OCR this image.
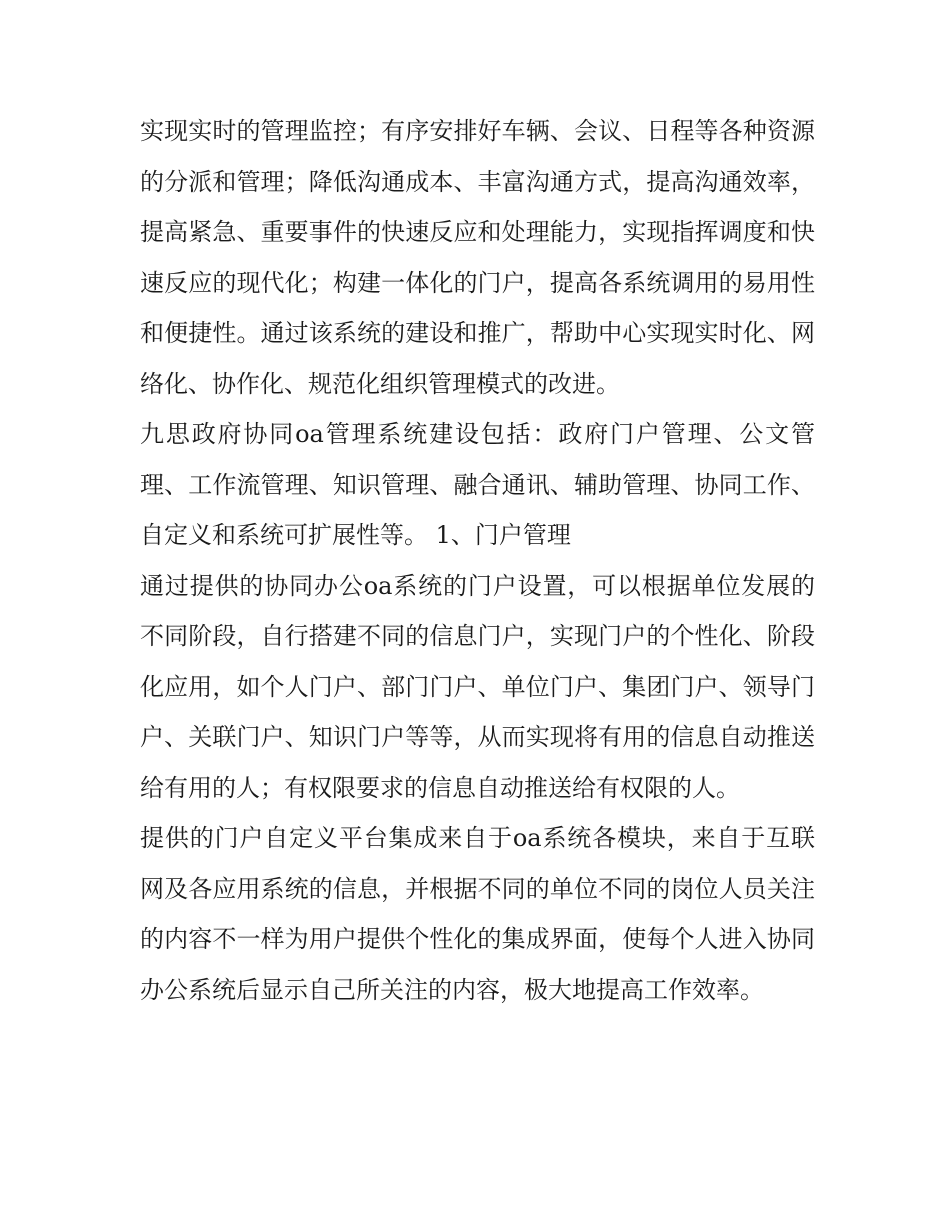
实现实时的管理监控；有序安排好车辆、会议、日程等各种资源的分派和管理；降低沟通成本、丰富沟通方式，提高沟通效率，提高紧急、重要事件的快速反应和处理能力，实现指挥调度和快速反应的现代化；构建一体化的门户，提高各系统调用的易用性和便捷性。通过该系统的建设和推广，帮助中心实现实时化、网络化、协作化、规范化组织管理模式的改进。

九思政府协同oa管理系统建设包括：政府门户管理、公文管理、工作流管理、知识管理、融合通讯、辅助管理、协同工作、自定义和系统可扩展性等。 1、门户管理

通过提供的协同办公oa系统的门户设置，可以根据单位发展的不同阶段，自行搭建不同的信息门户，实现门户的个性化、阶段化应用，如个人门户、部门门户、单位门户、集团门户、领导门户、关联门户、知识门户等等，从而实现将有用的信息自动推送给有用的人；有权限要求的信息自动推送给有权限的人。

提供的门户自定义平台集成来自于oa系统各模块，来自于互联网及各应用系统的信息，并根据不同的单位不同的岗位人员关注的内容不一样为用户提供个性化的集成界面，使每个人进入协同办公系统后显示自己所关注的内容，极大地提高工作效率。
